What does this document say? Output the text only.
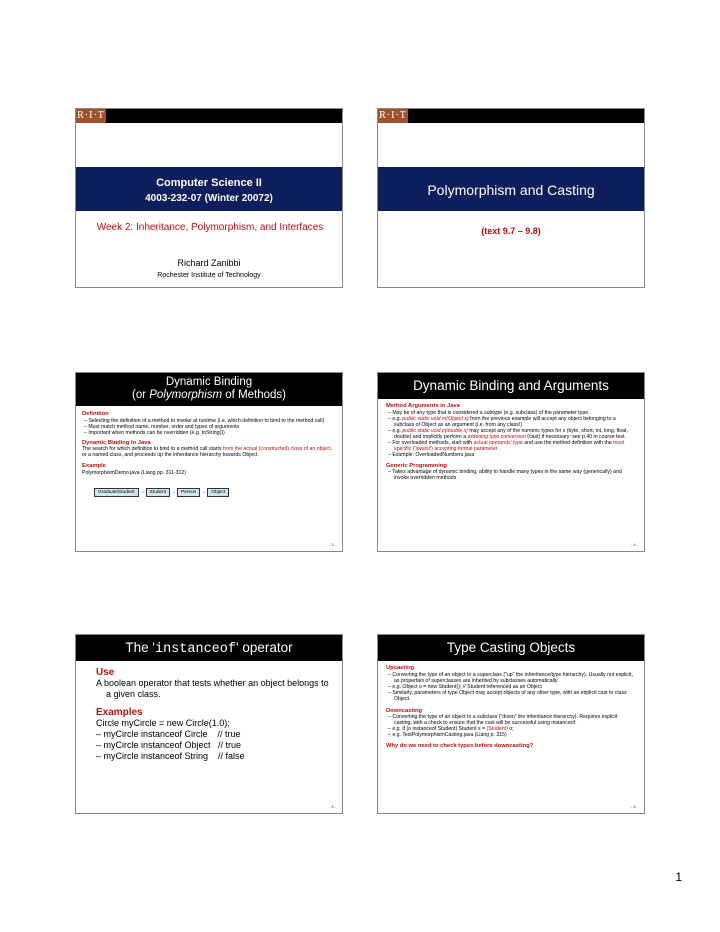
R·I·T
Computer Science II
4003-232-07 (Winter 20072)
Week 2: Inheritance, Polymorphism, and Interfaces
Richard Zanibbi
Rochester Institute of Technology
R·I·T
Polymorphism and Casting
(text 9.7 – 9.8)
Dynamic Binding
(or Polymorphism of Methods)
Definition
– Selecting the definition of a method to invoke at runtime (i.e. which definition to bind to the method call)
– Must match method name, number, order and types of arguments
– Important when methods can be overridden (e.g. toString())
Dynamic Binding In Java
The search for which definition to bind to a method call starts from the actual (constructed) class of an object, or a named class, and proceeds up the inheritance hierarchy towards Object.
Example
PolymorphismDemo.java (Liang pp. 311-312)
GraduateStudent → Student → Person → Object
- 3 -
Dynamic Binding and Arguments
Method Arguments in Java
– May be of any type that is considered a subtype (e.g. subclass) of the parameter type.
– e.g. public static void m(Object x) from the previous example will accept any object belonging to a subclass of Object as an argument (i.e. from any class!)
– e.g. public static void p(double x) may accept any of the numeric types for x (byte, short, int, long, float, double) and implicitly perform a widening type conversion (cast) if necessary: see p.40 in course text.
– For overloaded methods, start with actual operands' type and use the method definition with the most specific ('lowest') accepting formal parameter
– Example: OverloadedNumbers.java
Generic Programming
– Takes advantage of dynamic binding, ability to handle many types in the same way (generically) and invoke overridden methods
- 4 -
The 'instanceof' operator
Use
A boolean operator that tests whether an object belongs to a given class.
Examples
Circle myCircle = new Circle(1.0);
– myCircle instanceof Circle    // true
– myCircle instanceof Object   // true
– myCircle instanceof String    // false
- 5 -
Type Casting Objects
Upcasting
– Converting the type of an object to a superclass ("up" the inheritance/type hierarchy). Usually not explicit, as properties of superclasses are inherited by subclasses automatically.
– e.g. Object o = new Student(); // Student referenced as an Object
– Similarly, parameters of type Object may accept objects of any other type, with an implicit cast to class Object.
Downcasting
– Converting the type of an object to a subclass ("down" the inheritance hierarchy). Requires explicit casting, with a check to ensure that the cast will be successful using instanceof.
– e.g. if (o instanceof Student) Student s = (Student) o;
– e.g. TestPolymorphismCasting.java (Liang p. 315)
Why do we need to check types before downcasting?
- 6 -
1
